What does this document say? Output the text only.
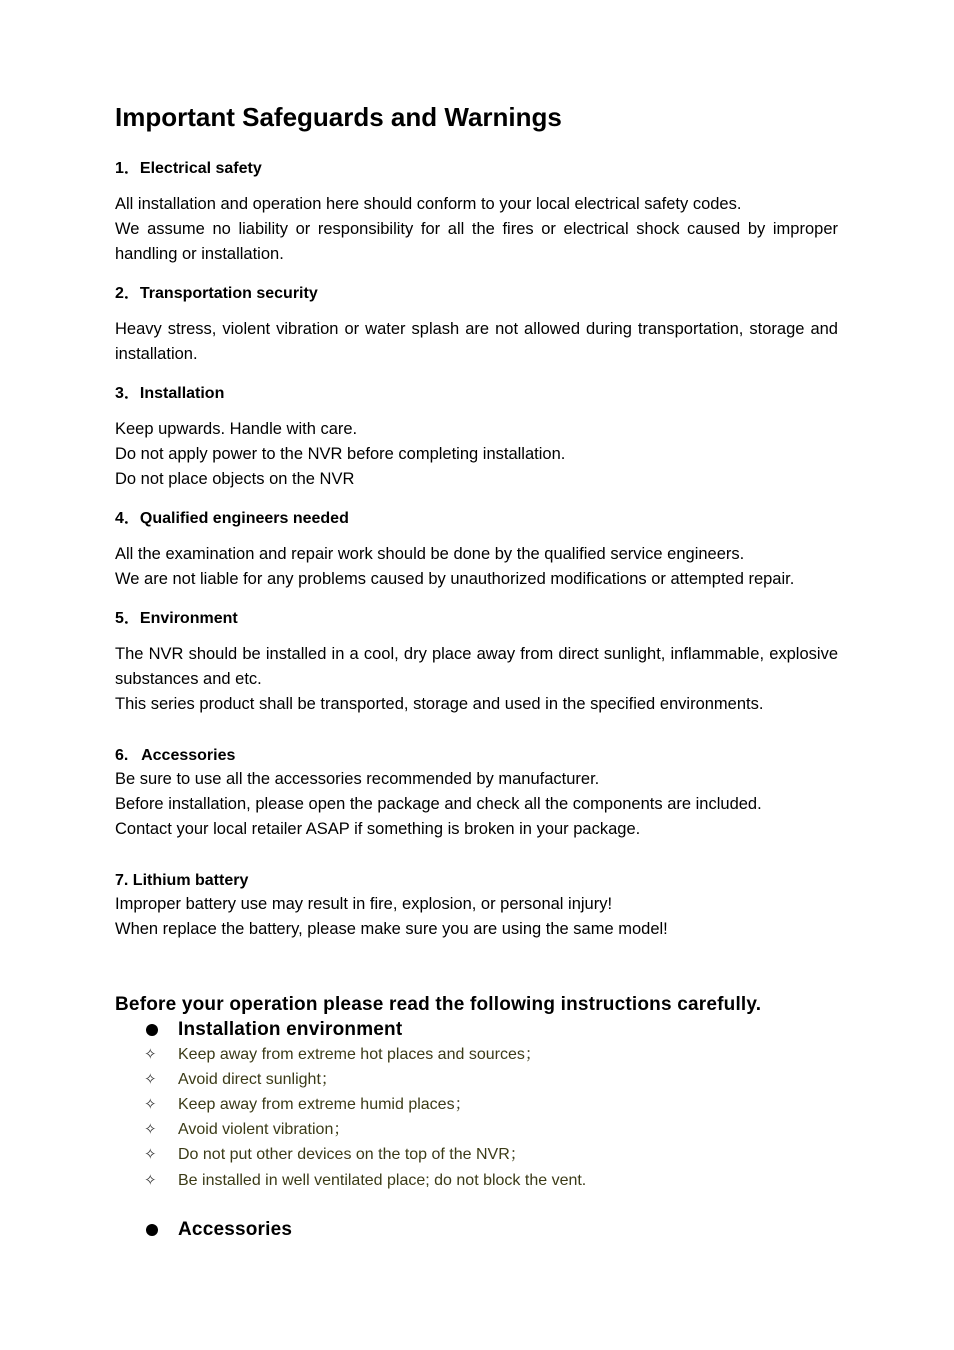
Important Safeguards and Warnings
1．Electrical safety
All installation and operation here should conform to your local electrical safety codes.
We assume no liability or responsibility for all the fires or electrical shock caused by improper handling or installation.
2．Transportation security
Heavy stress, violent vibration or water splash are not allowed during transportation, storage and installation.
3．Installation
Keep upwards. Handle with care.
Do not apply power to the NVR before completing installation.
Do not place objects on the NVR
4．Qualified engineers needed
All the examination and repair work should be done by the qualified service engineers.
We are not liable for any problems caused by unauthorized modifications or attempted repair.
5．Environment
The NVR should be installed in a cool, dry place away from direct sunlight, inflammable, explosive substances and etc.
This series product shall be transported, storage and used in the specified environments.
6.   Accessories
Be sure to use all the accessories recommended by manufacturer.
Before installation, please open the package and check all the components are included.
Contact your local retailer ASAP if something is broken in your package.
7. Lithium battery
Improper battery use may result in fire, explosion, or personal injury!
When replace the battery, please make sure you are using the same model!
Before your operation please read the following instructions carefully.
Installation environment
✧ Keep away from extreme hot places and sources；
✧ Avoid direct sunlight；
✧ Keep away from extreme humid places；
✧ Avoid violent vibration；
✧ Do not put other devices on the top of the NVR；
✧ Be installed in well ventilated place; do not block the vent.
Accessories
